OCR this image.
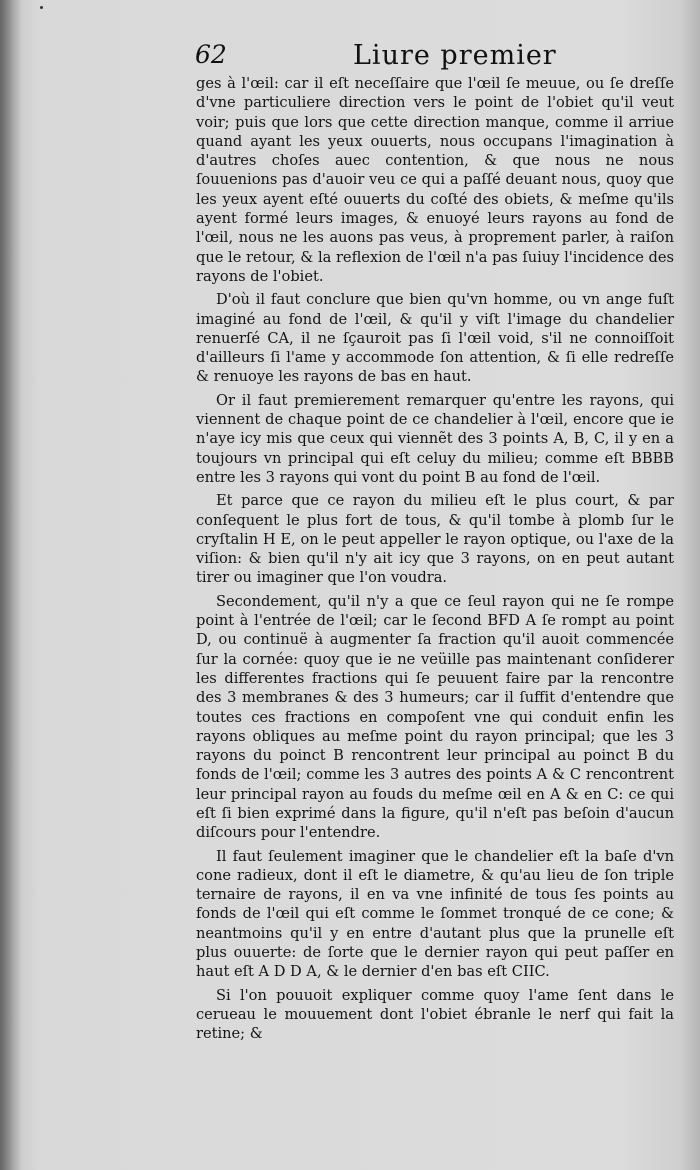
62	Liure premier

ges à l'œil: car il eſt neceſſaire que l'œil ſe meuue, ou ſe dreſſe d'vne particuliere direction vers le point de l'obiet qu'il veut voir; puis que lors que cette direction manque, comme il arriue quand ayant les yeux ouuerts, nous occupans l'imagination à d'autres choſes auec contention, & que nous ne nous ſouuenions pas d'auoir veu ce qui a paſſé deuant nous, quoy que les yeux ayent eſté ouuerts du coſté des obiets, & meſme qu'ils ayent formé leurs images, & enuoyé leurs rayons au fond de l'œil, nous ne les auons pas veus, à proprement parler, à raiſon que le retour, & la reflexion de l'œil n'a pas ſuiuy l'incidence des rayons de l'obiet.

D'où il faut conclure que bien qu'vn homme, ou vn ange fuſt imaginé au fond de l'œil, & qu'il y viſt l'image du chandelier renuerſé CA, il ne ſçauroit pas ſi l'œil void, s'il ne connoiſſoit d'ailleurs ſi l'ame y accommode ſon attention, & ſi elle redreſſe & renuoye les rayons de bas en haut.

Or il faut premierement remarquer qu'entre les rayons, qui viennent de chaque point de ce chandelier à l'œil, encore que ie n'aye icy mis que ceux qui viennẽt des 3 points A, B, C, il y en a toujours vn principal qui eſt celuy du milieu; comme eſt BBBB entre les 3 rayons qui vont du point B au fond de l'œil.

Et parce que ce rayon du milieu eſt le plus court, & par conſequent le plus fort de tous, & qu'il tombe à plomb ſur le cryſtalin H E, on le peut appeller le rayon optique, ou l'axe de la viſion: & bien qu'il n'y ait icy que 3 rayons, on en peut autant tirer ou imaginer que l'on voudra.

Secondement, qu'il n'y a que ce ſeul rayon qui ne ſe rompe point à l'entrée de l'œil; car le ſecond BFD A ſe rompt au point D, ou continuë à augmenter ſa fraction qu'il auoit commencée ſur la cornée: quoy que ie ne veüille pas maintenant conſiderer les differentes fractions qui ſe peuuent faire par la rencontre des 3 membranes & des 3 humeurs; car il ſuffit d'entendre que toutes ces fractions en compoſent vne qui conduit enfin les rayons obliques au meſme point du rayon principal; que les 3 rayons du poinct B rencontrent leur principal au poinct B du fonds de l'œil; comme les 3 autres des points A & C rencontrent leur principal rayon au fouds du meſme œil en A & en C: ce qui eſt ſi bien exprimé dans la figure, qu'il n'eſt pas beſoin d'aucun diſcours pour l'entendre.

Il faut ſeulement imaginer que le chandelier eſt la baſe d'vn cone radieux, dont il eſt le diametre, & qu'au lieu de ſon triple ternaire de rayons, il en va vne infinité de tous ſes points au fonds de l'œil qui eſt comme le ſommet tronqué de ce cone; & neantmoins qu'il y en entre d'autant plus que la prunelle eſt plus ouuerte: de ſorte que le dernier rayon qui peut paſſer en haut eſt A D D A, & le dernier d'en bas eſt CIIC.

Si l'on pouuoit expliquer comme quoy l'ame ſent dans le cerueau le mouuement dont l'obiet ébranle le nerf qui fait la retine; &
